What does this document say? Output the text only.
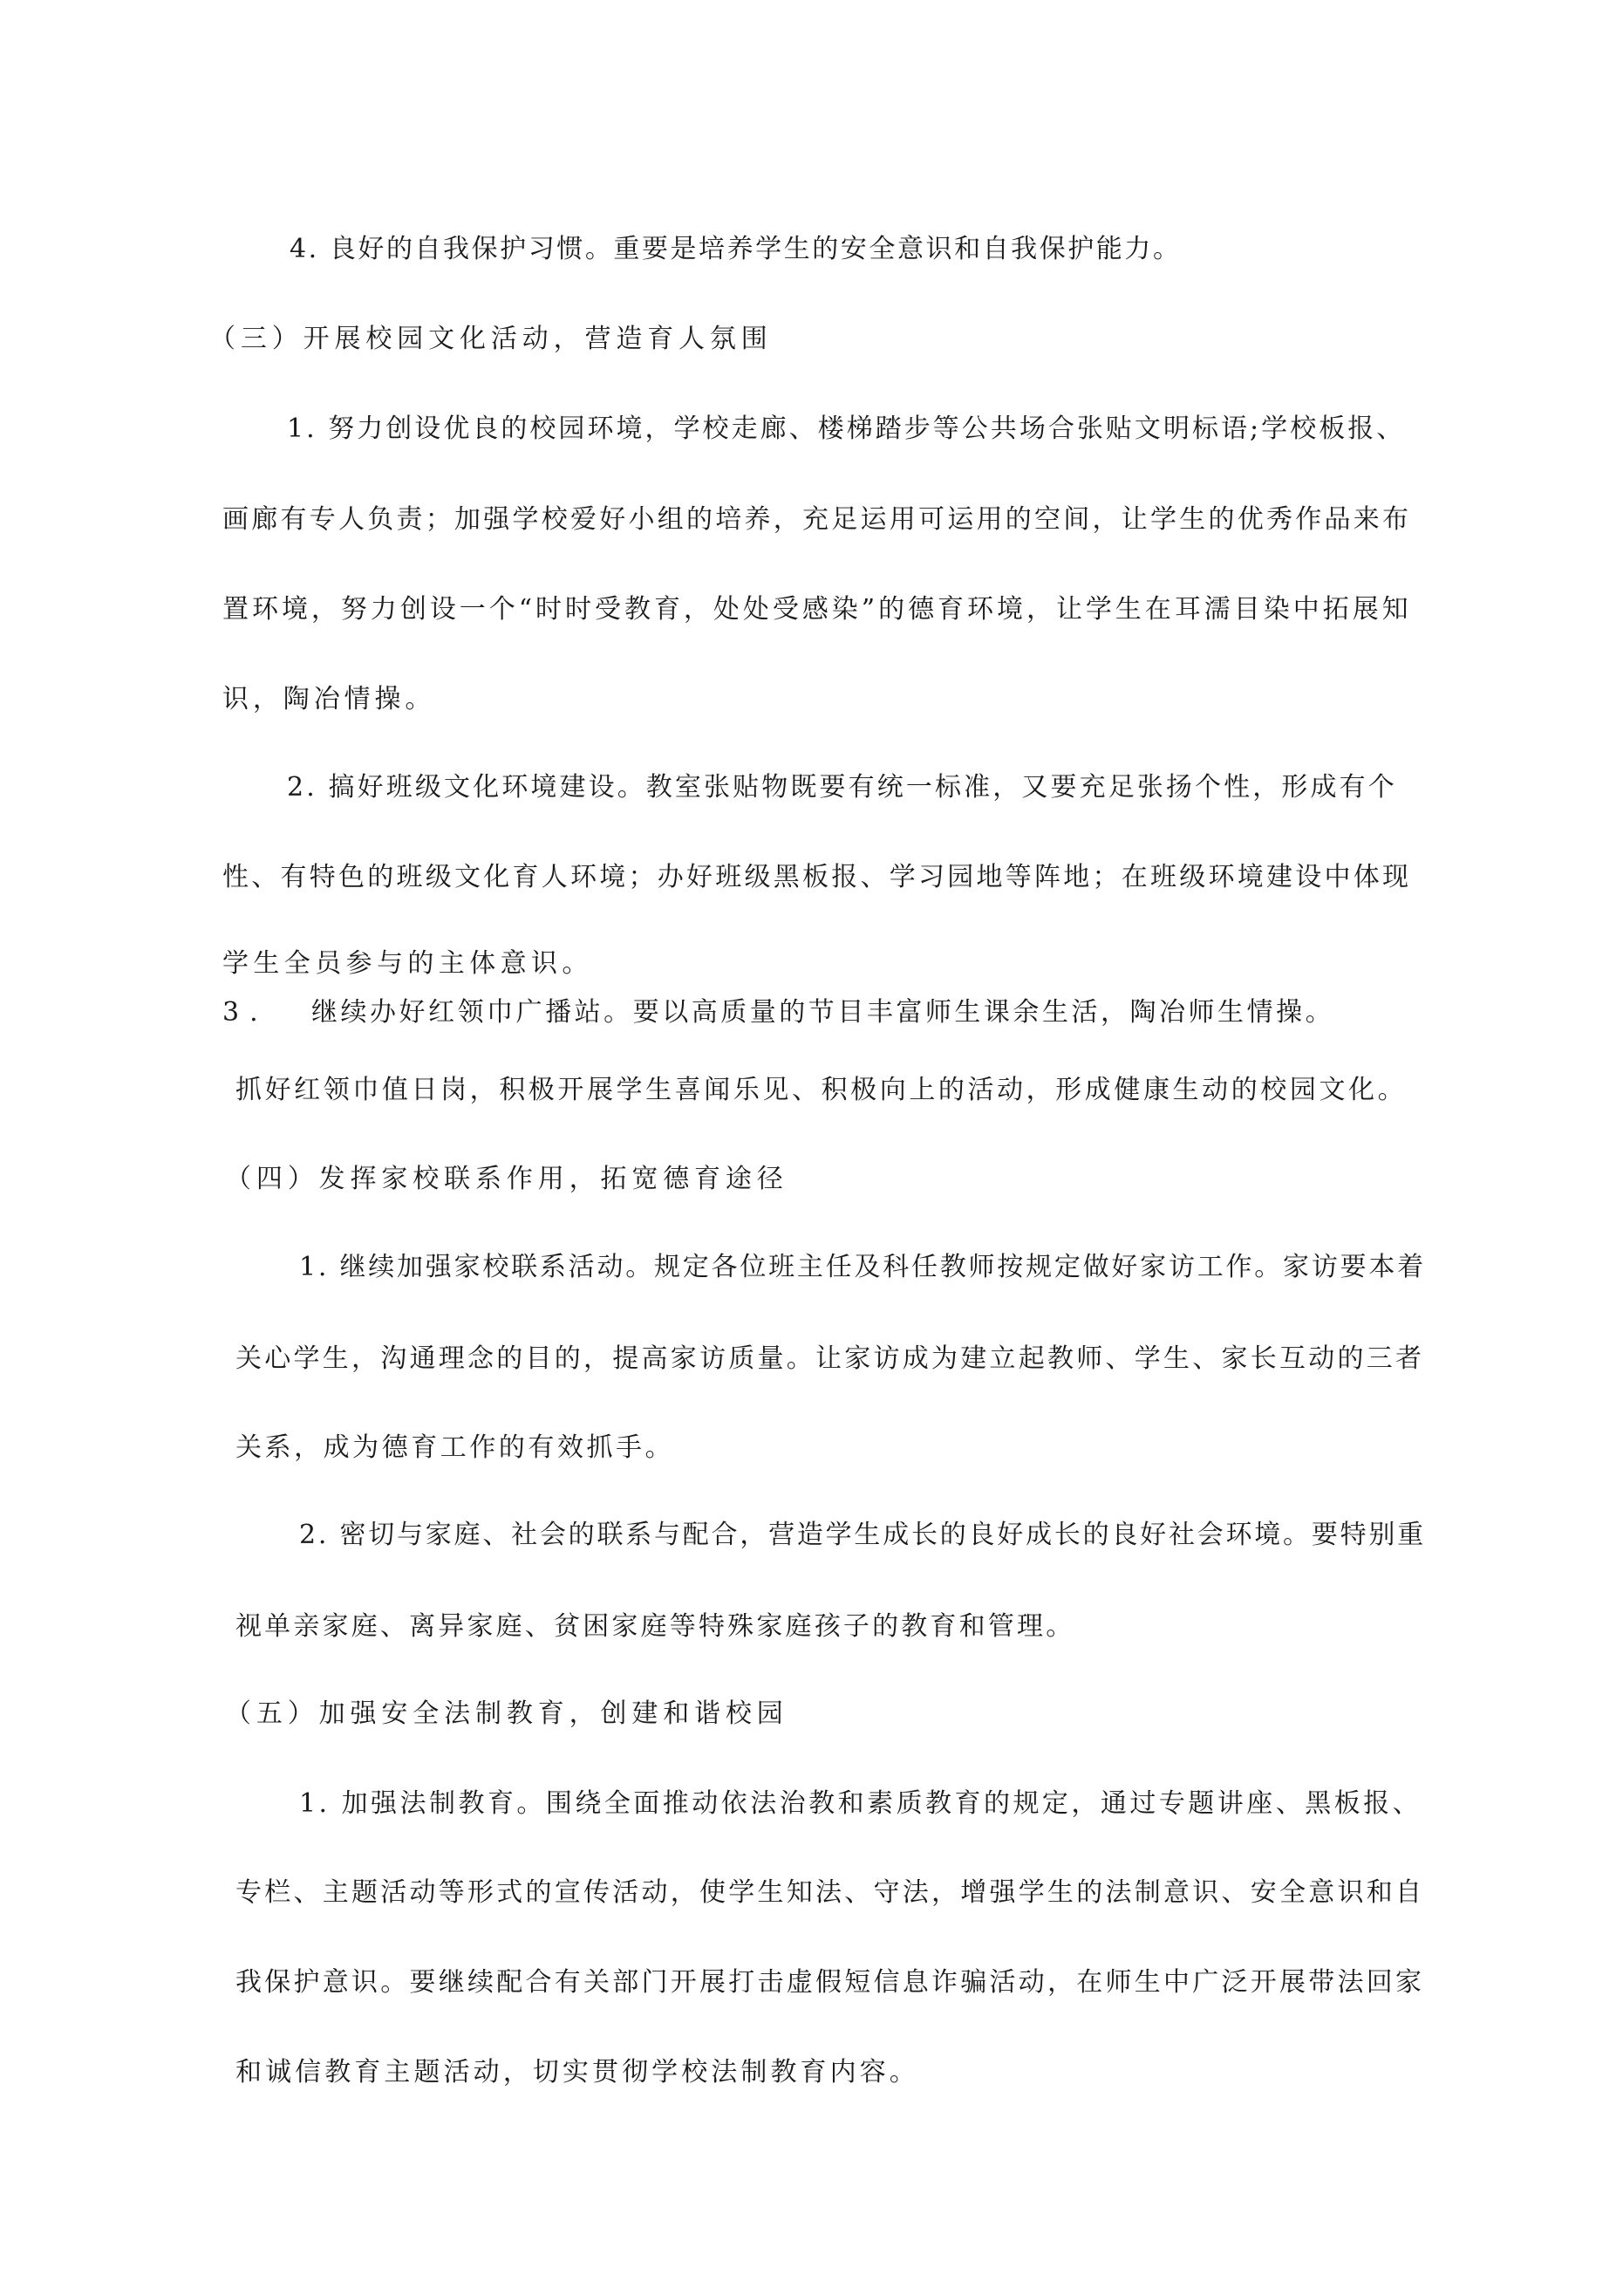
4. 良好的自我保护习惯。重要是培养学生的安全意识和自我保护能力。
（三）开展校园文化活动，营造育人氛围
1. 努力创设优良的校园环境，学校走廊、楼梯踏步等公共场合张贴文明标语;学校板报、
画廊有专人负责；加强学校爱好小组的培养，充足运用可运用的空间，让学生的优秀作品来布
置环境，努力创设一个“时时受教育，处处受感染”的德育环境，让学生在耳濡目染中拓展知
识，陶冶情操。
2. 搞好班级文化环境建设。教室张贴物既要有统一标准，又要充足张扬个性，形成有个
性、有特色的班级文化育人环境；办好班级黑板报、学习园地等阵地；在班级环境建设中体现
学生全员参与的主体意识。
3. 继续办好红领巾广播站。要以高质量的节目丰富师生课余生活，陶冶师生情操。
抓好红领巾值日岗，积极开展学生喜闻乐见、积极向上的活动，形成健康生动的校园文化。
（四）发挥家校联系作用，拓宽德育途径
1. 继续加强家校联系活动。规定各位班主任及科任教师按规定做好家访工作。家访要本着
关心学生，沟通理念的目的，提高家访质量。让家访成为建立起教师、学生、家长互动的三者
关系，成为德育工作的有效抓手。
2. 密切与家庭、社会的联系与配合，营造学生成长的良好成长的良好社会环境。要特别重
视单亲家庭、离异家庭、贫困家庭等特殊家庭孩子的教育和管理。
（五）加强安全法制教育，创建和谐校园
1. 加强法制教育。围绕全面推动依法治教和素质教育的规定，通过专题讲座、黑板报、
专栏、主题活动等形式的宣传活动，使学生知法、守法，增强学生的法制意识、安全意识和自
我保护意识。要继续配合有关部门开展打击虚假短信息诈骗活动，在师生中广泛开展带法回家
和诚信教育主题活动，切实贯彻学校法制教育内容。
